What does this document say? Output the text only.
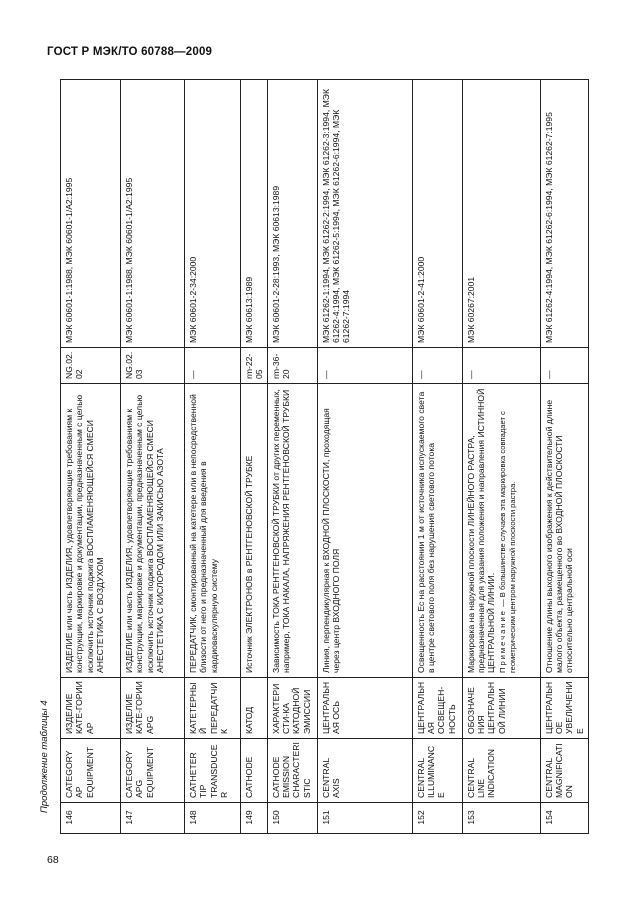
ГОСТ Р МЭК/ТО 60788—2009
Продолжение таблицы 4
146	CATEGORY AP EQUIPMENT	ИЗДЕЛИЕ КАТЕ-ГОРИИ AP	ИЗДЕЛИЕ или часть ИЗДЕЛИЯ, удовлетворяющие требованиям к конструкции, маркировке и документации, предназначенным с целью исключить источник поджига ВОСПЛАМЕНЯЮЩЕЙСЯ СМЕСИ АНЕСТЕТИКА С ВОЗДУХОМ	NG.02.02	МЭК 60601-1:1988, МЭК 60601-1/A2:1995
147	CATEGORY APG EQUIPMENT	ИЗДЕЛИЕ КАТЕ-ГОРИИ APG	ИЗДЕЛИЕ или часть ИЗДЕЛИЯ, удовлетворяющие требованиям к конструкции, маркировке и документации, предназначенным с целью исключить источник поджига ВОСПЛАМЕНЯЮЩЕЙСЯ СМЕСИ АНЕСТЕТИКА С КИСЛОРОДОМ ИЛИ ЗАКИСЬЮ АЗОТА	NG.02.03	МЭК 60601-1:1988, МЭК 60601-1/A2:1995
148	CATHETER TIP TRANSDUCER	КАТЕТЕРНЫЙ ПЕРЕДАТЧИК	ПЕРЕДАТЧИК, смонтированный на катетере или в непосредственной близости от него и предназначенный для введения в кардиоваскулярную систему	—	МЭК 60601-2-34:2000
149	CATHODE	КАТОД	Источник ЭЛЕКТРОНОВ в РЕНТГЕНОВСКОЙ ТРУБКЕ	rm-22-05	МЭК 60613:1989
150	CATHODE EMISSION CHARACTERISTIC	ХАРАКТЕРИСТИ-КА КАТОДНОЙ ЭМИССИИ	Зависимость ТОКА РЕНТГЕНОВСКОЙ ТРУБКИ от других переменных, например, ТОКА НАКАЛА, НАПРЯЖЕНИЯ РЕНТГЕНОВСКОЙ ТРУБКИ	rm-36-20	МЭК 60601-2-28:1993, МЭК 60613:1989
151	CENTRAL AXIS	ЦЕНТРАЛЬНАЯ ОСЬ	Линия, перпендикулярная к ВХОДНОЙ ПЛОСКОСТИ, проходящая через центр ВХОДНОГО ПОЛЯ	—	МЭК 61262-1:1994, МЭК 61262-2:1994, МЭК 61262-3:1994, МЭК 61262-4:1994, МЭК 61262-5:1994, МЭК 61262-6:1994, МЭК 61262-7:1994
152	CENTRAL ILLUMINANCE	ЦЕНТРАЛЬНАЯ ОСВЕЩЕН-НОСТЬ	Освещенность Ес на расстоянии 1 м от источника испускаемого света в центре светового поля без нарушения светового потока	—	МЭК 60601-2-41:2000
153	CENTRAL LINE INDICATION	ОБОЗНАЧЕНИЯ ЦЕНТРАЛЬНОЙ ЛИНИИ	Маркировка на наружной плоскости ЛИНЕЙНОГО РАСТРА, предназначенная для указания положения и направления ИСТИННОЙ ЦЕНТРАЛЬНОЙ ЛИНИИ.
Примечание — В большинстве случаев эта маркировка совпадает с геометрическим центром наружной плоскости растра.	—	МЭК 60267:2001
154	CENTRAL MAGNIFICATION	ЦЕНТРАЛЬНОЕ УВЕЛИЧЕНИЕ	Отношение длины выходного изображения к действительной длине малого объекта, размещенного во ВХОДНОЙ ПЛОСКОСТИ относительно центральной оси	—	МЭК 61262-4:1994, МЭК 61262-6:1994, МЭК 61262-7:1995
68
